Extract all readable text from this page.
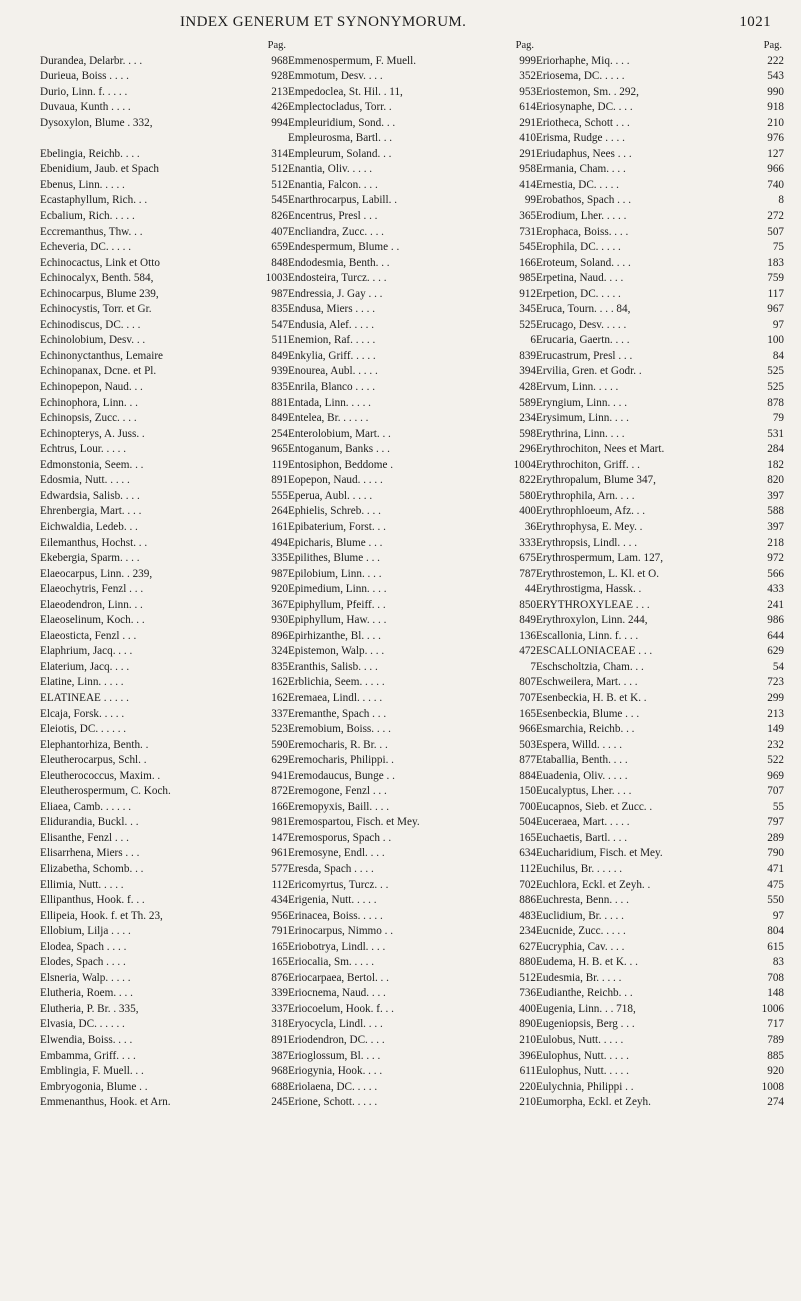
INDEX GENERUM ET SYNONYMORUM.	1021
Pag.
Durandea, Delarbr. . . .	968
Durieua, Boiss . . . .	928
Durio, Linn. f. . . . .	213
Duvaua, Kunth . . . .	426
Dysoxylon, Blume . 332,	994
Ebelingia, Reichb. . . .	314
Ebenidium, Jaub. et Spach	512
Ebenus, Linn. . . . .	512
Ecastaphyllum, Rich. . .	545
Ecbalium, Rich. . . . .	826
Eccremanthus, Thw. . .	407
Echeveria, DC. . . . .	659
Echinocactus, Link et Otto	848
Echinocalyx, Benth. 584,	1003
Echinocarpus, Blume 239,	987
Echinocystis, Torr. et Gr.	835
Echinodiscus, DC. . . .	547
Echinolobium, Desv. . .	511
Echinonyctanthus, Lemaire	849
Echinopanax, Dcne. et Pl.	939
Echinopepon, Naud. . .	835
Echinophora, Linn. . .	881
Echinopsis, Zucc. . . .	849
Echinopterys, A. Juss. .	254
Echtrus, Lour. . . . .	965
Edmonstonia, Seem. . .	119
Edosmia, Nutt. . . . .	891
Edwardsia, Salisb. . . .	555
Ehrenbergia, Mart. . . .	264
Eichwaldia, Ledeb. . .	161
Eilemanthus, Hochst. . .	494
Ekebergia, Sparm. . . .	335
Elaeocarpus, Linn. . 239,	987
Elaeochytris, Fenzl . . .	920
Elaeodendron, Linn. . .	367
Elaeoselinum, Koch. . .	930
Elaeosticta, Fenzl . . .	896
Elaphrium, Jacq. . . .	324
Elaterium, Jacq. . . .	835
Elatine, Linn. . . . .	162
ELATINEAE . . . . .	162
Elcaja, Forsk. . . . .	337
Eleiotis, DC. . . . . .	523
Elephantorhiza, Benth. .	590
Eleutherocarpus, Schl. .	629
Eleutherococcus, Maxim. .	941
Eleutherospermum, C. Koch.	872
Eliaea, Camb. . . . . .	166
Elidurandia, Buckl. . .	981
Elisanthe, Fenzl . . .	147
Elisarrhena, Miers . . .	961
Elizabetha, Schomb. . .	577
Ellimia, Nutt. . . . .	112
Ellipanthus, Hook. f. . .	434
Ellipeia, Hook. f. et Th. 23,	956
Ellobium, Lilja . . . .	791
Elodea, Spach . . . .	165
Elodes, Spach . . . .	165
Elsneria, Walp. . . . .	876
Elutheria, Roem. . . .	339
Elutheria, P. Br. . 335,	337
Elvasia, DC. . . . . .	318
Elwendia, Boiss. . . .	891
Embamma, Griff. . . .	387
Emblingia, F. Muell. . .	968
Embryogonia, Blume . .	688
Emmenanthus, Hook. et Arn.	245
Pag.
Emmenospermum, F. Muell.	999
Emmotum, Desv. . . .	352
Empedoclea, St. Hil. . 11,	953
Emplectocladus, Torr. .	614
Empleuridium, Sond. . .	291
Empleurosma, Bartl. . .	410
Empleurum, Soland. . .	291
Enantia, Oliv. . . . .	958
Enantia, Falcon. . . .	414
Enarthrocarpus, Labill. .	99
Encentrus, Presl . . .	365
Encliandra, Zucc. . . .	731
Endespermum, Blume . .	545
Endodesmia, Benth. . .	166
Endosteira, Turcz. . . .	985
Endressia, J. Gay . . .	912
Endusa, Miers . . . .	345
Endusia, Alef. . . . .	525
Enemion, Raf. . . . .	6
Enkylia, Griff. . . . .	839
Enourea, Aubl. . . . .	394
Enrila, Blanco . . . .	428
Entada, Linn. . . . .	589
Entelea, Br. . . . . .	234
Enterolobium, Mart. . .	598
Entoganum, Banks . . .	296
Entosiphon, Beddome .	1004
Eopepon, Naud. . . . .	822
Eperua, Aubl. . . . .	580
Ephielis, Schreb. . . .	400
Epibaterium, Forst. . .	36
Epicharis, Blume . . .	333
Epilithes, Blume . . .	675
Epilobium, Linn. . . .	787
Epimedium, Linn. . . .	44
Epiphyllum, Pfeiff. . .	850
Epiphyllum, Haw. . . .	849
Epirhizanthe, Bl. . . .	136
Epistemon, Walp. . . .	472
Eranthis, Salisb. . . .	7
Erblichia, Seem. . . . .	807
Eremaea, Lindl. . . . .	707
Eremanthe, Spach . . .	165
Eremobium, Boiss. . . .	966
Eremocharis, R. Br. . .	503
Eremocharis, Philippi. .	877
Eremodaucus, Bunge . .	884
Eremogone, Fenzl . . .	150
Eremopyxis, Baill. . . .	700
Eremospartou, Fisch. et Mey.	504
Eremosporus, Spach . .	165
Eremosyne, Endl. . . .	634
Eresda, Spach . . . .	112
Ericomyrtus, Turcz. . .	702
Erigenia, Nutt. . . . .	886
Erinacea, Boiss. . . . .	483
Erinocarpus, Nimmo . .	234
Eriobotrya, Lindl. . . .	627
Eriocalia, Sm. . . . .	880
Eriocarpaea, Bertol. . .	512
Eriocnema, Naud. . . .	736
Eriocoelum, Hook. f. . .	400
Eryocycla, Lindl. . . .	890
Eriodendron, DC. . . .	210
Erioglossum, Bl. . . .	396
Eriogynia, Hook. . . .	611
Eriolaena, DC. . . . .	220
Erione, Schott. . . . .	210
Pag.
Eriorhaphe, Miq. . . .	222
Eriosema, DC. . . . .	543
Eriostemon, Sm. . 292,	990
Eriosynaphe, DC. . . .	918
Eriotheca, Schott . . .	210
Erisma, Rudge . . . .	976
Eriudaphus, Nees . . .	127
Ermania, Cham. . . .	966
Ernestia, DC. . . . .	740
Erobathos, Spach . . .	8
Erodium, Lher. . . . .	272
Erophaca, Boiss. . . .	507
Erophila, DC. . . . .	75
Eroteum, Soland. . . .	183
Erpetina, Naud. . . .	759
Erpetion, DC. . . . .	117
Eruca, Tourn. . . . 84,	967
Erucago, Desv. . . . .	97
Erucaria, Gaertn. . . .	100
Erucastrum, Presl . . .	84
Ervilia, Gren. et Godr. .	525
Ervum, Linn. . . . .	525
Eryngium, Linn. . . .	878
Erysimum, Linn. . . .	79
Erythrina, Linn. . . .	531
Erythrochiton, Nees et Mart.	284
Erythrochiton, Griff. . .	182
Erythropalum, Blume 347,	820
Erythrophila, Arn. . . .	397
Erythrophloeum, Afz. . .	588
Erythrophysa, E. Mey. .	397
Erythropsis, Lindl. . . .	218
Erythrospermum, Lam. 127,	972
Erythrostemon, L. Kl. et O.	566
Erythrostigma, Hassk. .	433
ERYTHROXYLEAE . . .	241
Erythroxylon, Linn. 244,	986
Escallonia, Linn. f. . . .	644
ESCALLONIACEAE . . .	629
Eschscholtzia, Cham. . .	54
Eschweilera, Mart. . . .	723
Esenbeckia, H. B. et K. .	299
Esenbeckia, Blume . . .	213
Esmarchia, Reichb. . .	149
Espera, Willd. . . . .	232
Etaballia, Benth. . . .	522
Euadenia, Oliv. . . . .	969
Eucalyptus, Lher. . . .	707
Eucapnos, Sieb. et Zucc. .	55
Euceraea, Mart. . . . .	797
Euchaetis, Bartl. . . .	289
Eucharidium, Fisch. et Mey.	790
Euchilus, Br. . . . . .	471
Euchlora, Eckl. et Zeyh. .	475
Euchresta, Benn. . . .	550
Euclidium, Br. . . . .	97
Eucnide, Zucc. . . . .	804
Eucryphia, Cav. . . .	615
Eudema, H. B. et K. . .	83
Eudesmia, Br. . . . .	708
Eudianthe, Reichb. . .	148
Eugenia, Linn. . . 718,	1006
Eugeniopsis, Berg . . .	717
Eulobus, Nutt. . . . .	789
Eulophus, Nutt. . . . .	885
Eulophus, Nutt. . . . .	920
Eulychnia, Philippi . .	1008
Eumorpha, Eckl. et Zeyh.	274
